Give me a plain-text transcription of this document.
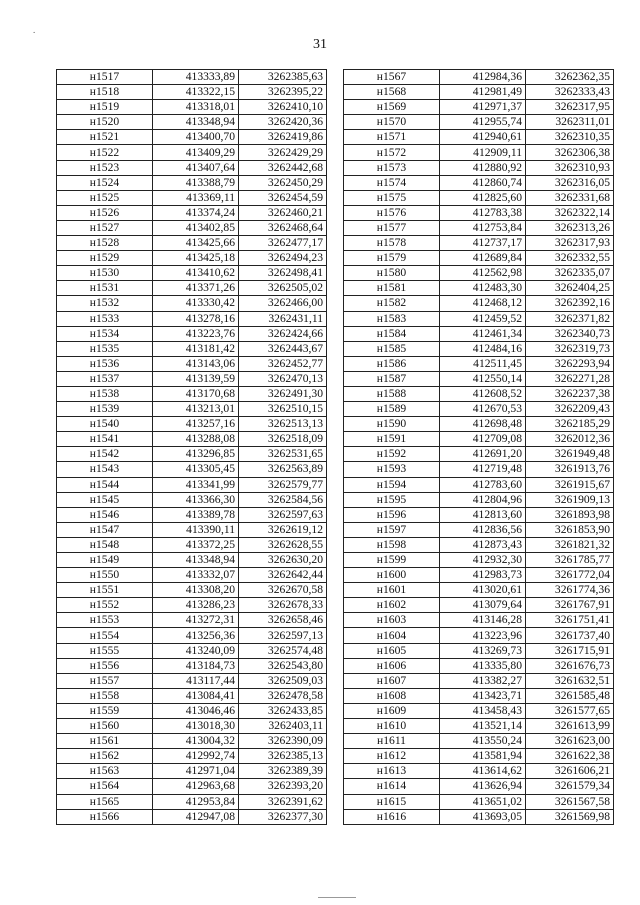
.
31
н1517	413333,89	3262385,63
н1518	413322,15	3262395,22
н1519	413318,01	3262410,10
н1520	413348,94	3262420,36
н1521	413400,70	3262419,86
н1522	413409,29	3262429,29
н1523	413407,64	3262442,68
н1524	413388,79	3262450,29
н1525	413369,11	3262454,59
н1526	413374,24	3262460,21
н1527	413402,85	3262468,64
н1528	413425,66	3262477,17
н1529	413425,18	3262494,23
н1530	413410,62	3262498,41
н1531	413371,26	3262505,02
н1532	413330,42	3262466,00
н1533	413278,16	3262431,11
н1534	413223,76	3262424,66
н1535	413181,42	3262443,67
н1536	413143,06	3262452,77
н1537	413139,59	3262470,13
н1538	413170,68	3262491,30
н1539	413213,01	3262510,15
н1540	413257,16	3262513,13
н1541	413288,08	3262518,09
н1542	413296,85	3262531,65
н1543	413305,45	3262563,89
н1544	413341,99	3262579,77
н1545	413366,30	3262584,56
н1546	413389,78	3262597,63
н1547	413390,11	3262619,12
н1548	413372,25	3262628,55
н1549	413348,94	3262630,20
н1550	413332,07	3262642,44
н1551	413308,20	3262670,58
н1552	413286,23	3262678,33
н1553	413272,31	3262658,46
н1554	413256,36	3262597,13
н1555	413240,09	3262574,48
н1556	413184,73	3262543,80
н1557	413117,44	3262509,03
н1558	413084,41	3262478,58
н1559	413046,46	3262433,85
н1560	413018,30	3262403,11
н1561	413004,32	3262390,09
н1562	412992,74	3262385,13
н1563	412971,04	3262389,39
н1564	412963,68	3262393,20
н1565	412953,84	3262391,62
н1566	412947,08	3262377,30
н1567	412984,36	3262362,35
н1568	412981,49	3262333,43
н1569	412971,37	3262317,95
н1570	412955,74	3262311,01
н1571	412940,61	3262310,35
н1572	412909,11	3262306,38
н1573	412880,92	3262310,93
н1574	412860,74	3262316,05
н1575	412825,60	3262331,68
н1576	412783,38	3262322,14
н1577	412753,84	3262313,26
н1578	412737,17	3262317,93
н1579	412689,84	3262332,55
н1580	412562,98	3262335,07
н1581	412483,30	3262404,25
н1582	412468,12	3262392,16
н1583	412459,52	3262371,82
н1584	412461,34	3262340,73
н1585	412484,16	3262319,73
н1586	412511,45	3262293,94
н1587	412550,14	3262271,28
н1588	412608,52	3262237,38
н1589	412670,53	3262209,43
н1590	412698,48	3262185,29
н1591	412709,08	3262012,36
н1592	412691,20	3261949,48
н1593	412719,48	3261913,76
н1594	412783,60	3261915,67
н1595	412804,96	3261909,13
н1596	412813,60	3261893,98
н1597	412836,56	3261853,90
н1598	412873,43	3261821,32
н1599	412932,30	3261785,77
н1600	412983,73	3261772,04
н1601	413020,61	3261774,36
н1602	413079,64	3261767,91
н1603	413146,28	3261751,41
н1604	413223,96	3261737,40
н1605	413269,73	3261715,91
н1606	413335,80	3261676,73
н1607	413382,27	3261632,51
н1608	413423,71	3261585,48
н1609	413458,43	3261577,65
н1610	413521,14	3261613,99
н1611	413550,24	3261623,00
н1612	413581,94	3261622,38
н1613	413614,62	3261606,21
н1614	413626,94	3261579,34
н1615	413651,02	3261567,58
н1616	413693,05	3261569,98
